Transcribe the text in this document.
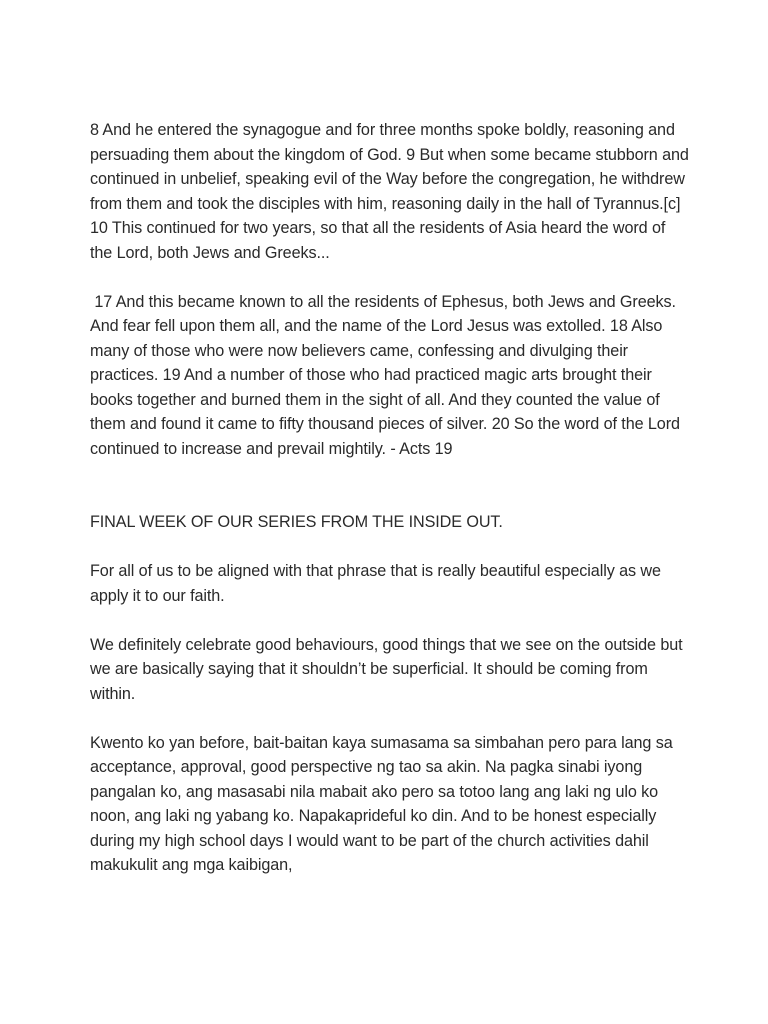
8 And he entered the synagogue and for three months spoke boldly, reasoning and persuading them about the kingdom of God. 9 But when some became stubborn and continued in unbelief, speaking evil of the Way before the congregation, he withdrew from them and took the disciples with him, reasoning daily in the hall of Tyrannus.[c] 10 This continued for two years, so that all the residents of Asia heard the word of the Lord, both Jews and Greeks...

17 And this became known to all the residents of Ephesus, both Jews and Greeks. And fear fell upon them all, and the name of the Lord Jesus was extolled. 18 Also many of those who were now believers came, confessing and divulging their practices. 19 And a number of those who had practiced magic arts brought their books together and burned them in the sight of all. And they counted the value of them and found it came to fifty thousand pieces of silver. 20 So the word of the Lord continued to increase and prevail mightily. - Acts 19

FINAL WEEK OF OUR SERIES FROM THE INSIDE OUT.

For all of us to be aligned with that phrase that is really beautiful especially as we apply it to our faith.

We definitely celebrate good behaviours, good things that we see on the outside but we are basically saying that it shouldn’t be superficial. It should be coming from within.

Kwento ko yan before, bait-baitan kaya sumasama sa simbahan pero para lang sa acceptance, approval, good perspective ng tao sa akin. Na pagka sinabi iyong pangalan ko, ang masasabi nila mabait ako pero sa totoo lang ang laki ng ulo ko noon, ang laki ng yabang ko. Napakaprideful ko din. And to be honest especially during my high school days I would want to be part of the church activities dahil makukulit ang mga kaibigan,
